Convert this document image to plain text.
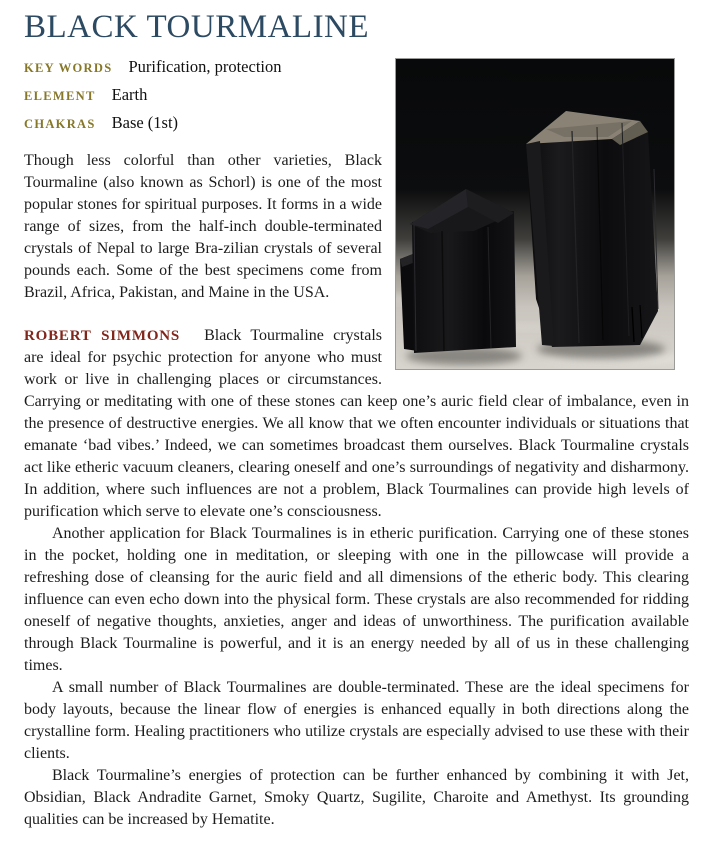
BLACK TOURMALINE
KEY WORDS Purification, protection
ELEMENT Earth
CHAKRAS Base (1st)

Though less colorful than other varieties, Black Tourmaline (also known as Schorl) is one of the most popular stones for spiritual purposes. It forms in a wide range of sizes, from the half-inch double-terminated crystals of Nepal to large Bra-zilian crystals of several pounds each. Some of the best specimens come from Brazil, Africa, Pakistan, and Maine in the USA.

ROBERT SIMMONS Black Tourmaline crystals are ideal for psychic protection for anyone who must work or live in challenging places or circumstances. Carrying or meditating with one of these stones can keep one’s auric field clear of imbalance, even in the presence of destructive energies. We all know that we often encounter individuals or situations that emanate ‘bad vibes.’ Indeed, we can sometimes broadcast them ourselves. Black Tourmaline crystals act like etheric vacuum cleaners, clearing oneself and one’s surroundings of negativity and disharmony. In addition, where such influences are not a problem, Black Tourmalines can provide high levels of purification which serve to elevate one’s consciousness.

Another application for Black Tourmalines is in etheric purification. Carrying one of these stones in the pocket, holding one in meditation, or sleeping with one in the pillowcase will provide a refreshing dose of cleansing for the auric field and all dimensions of the etheric body. This clearing influence can even echo down into the physical form. These crystals are also recommended for ridding oneself of negative thoughts, anxieties, anger and ideas of unworthiness. The purification available through Black Tourmaline is powerful, and it is an energy needed by all of us in these challenging times.

A small number of Black Tourmalines are double-terminated. These are the ideal specimens for body layouts, because the linear flow of energies is enhanced equally in both directions along the crystalline form. Healing practitioners who utilize crystals are especially advised to use these with their clients.

Black Tourmaline’s energies of protection can be further enhanced by combining it with Jet, Obsidian, Black Andradite Garnet, Smoky Quartz, Sugilite, Charoite and Amethyst. Its grounding qualities can be increased by Hematite.
